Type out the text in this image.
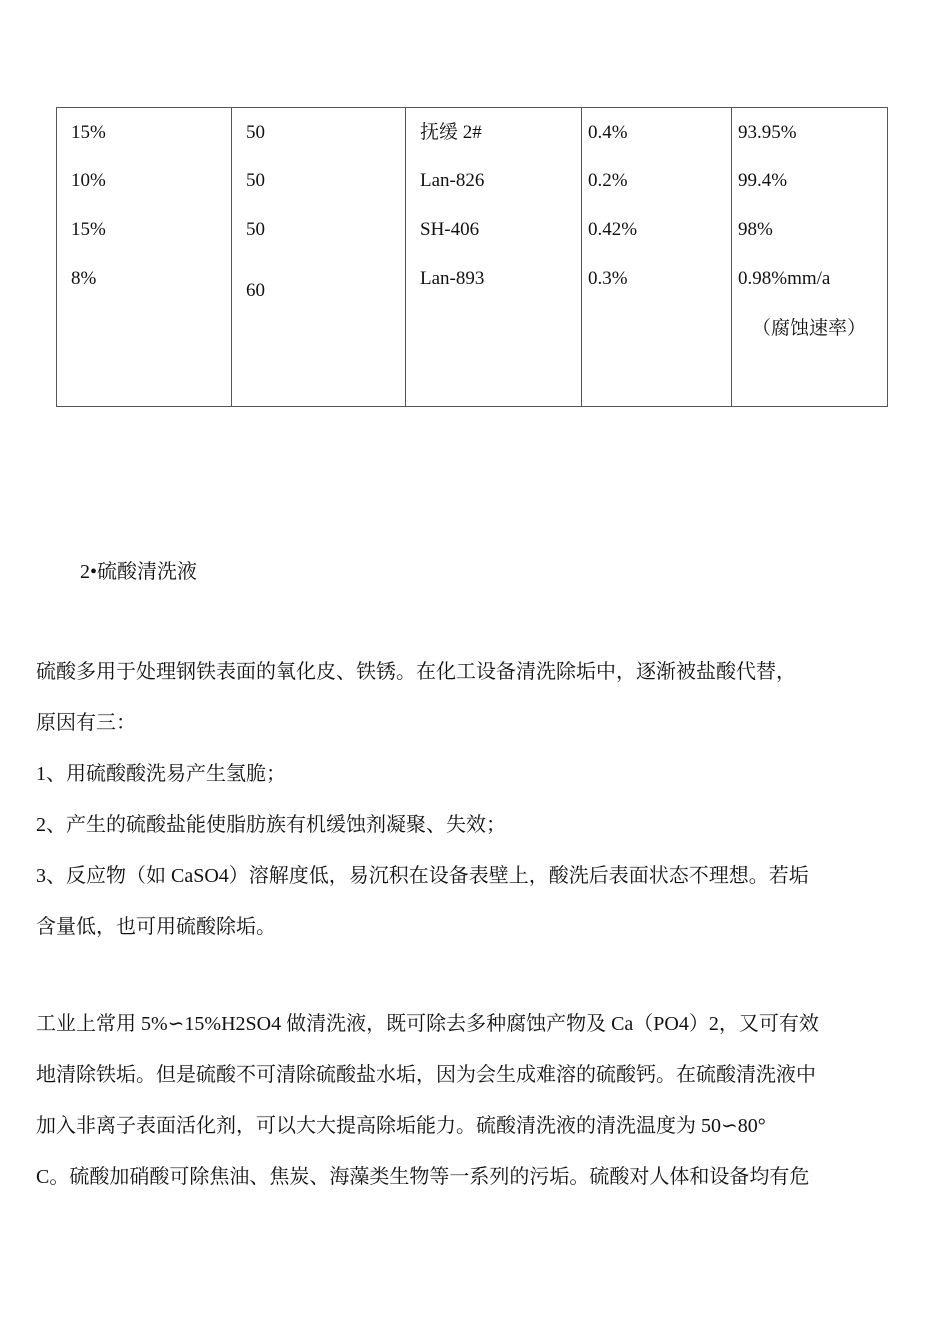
15%
10%
15%
8%
50
50
50
60
抚缓 2#
Lan-826
SH-406
Lan-893
0.4%
0.2%
0.42%
0.3%
93.95%
99.4%
98%
0.98%mm/a
（腐蚀速率）
2•硫酸清洗液
硫酸多用于处理钢铁表面的氧化皮、铁锈。在化工设备清洗除垢中，逐渐被盐酸代替，
原因有三：
1、用硫酸酸洗易产生氢脆；
2、产生的硫酸盐能使脂肪族有机缓蚀剂凝聚、失效；
3、反应物（如 CaSO4）溶解度低，易沉积在设备表壁上，酸洗后表面状态不理想。若垢
含量低，也可用硫酸除垢。
工业上常用 5%∽15%H2SO4 做清洗液，既可除去多种腐蚀产物及 Ca（PO4）2，又可有效
地清除铁垢。但是硫酸不可清除硫酸盐水垢，因为会生成难溶的硫酸钙。在硫酸清洗液中
加入非离子表面活化剂，可以大大提高除垢能力。硫酸清洗液的清洗温度为 50∽80°
C。硫酸加硝酸可除焦油、焦炭、海藻类生物等一系列的污垢。硫酸对人体和设备均有危
